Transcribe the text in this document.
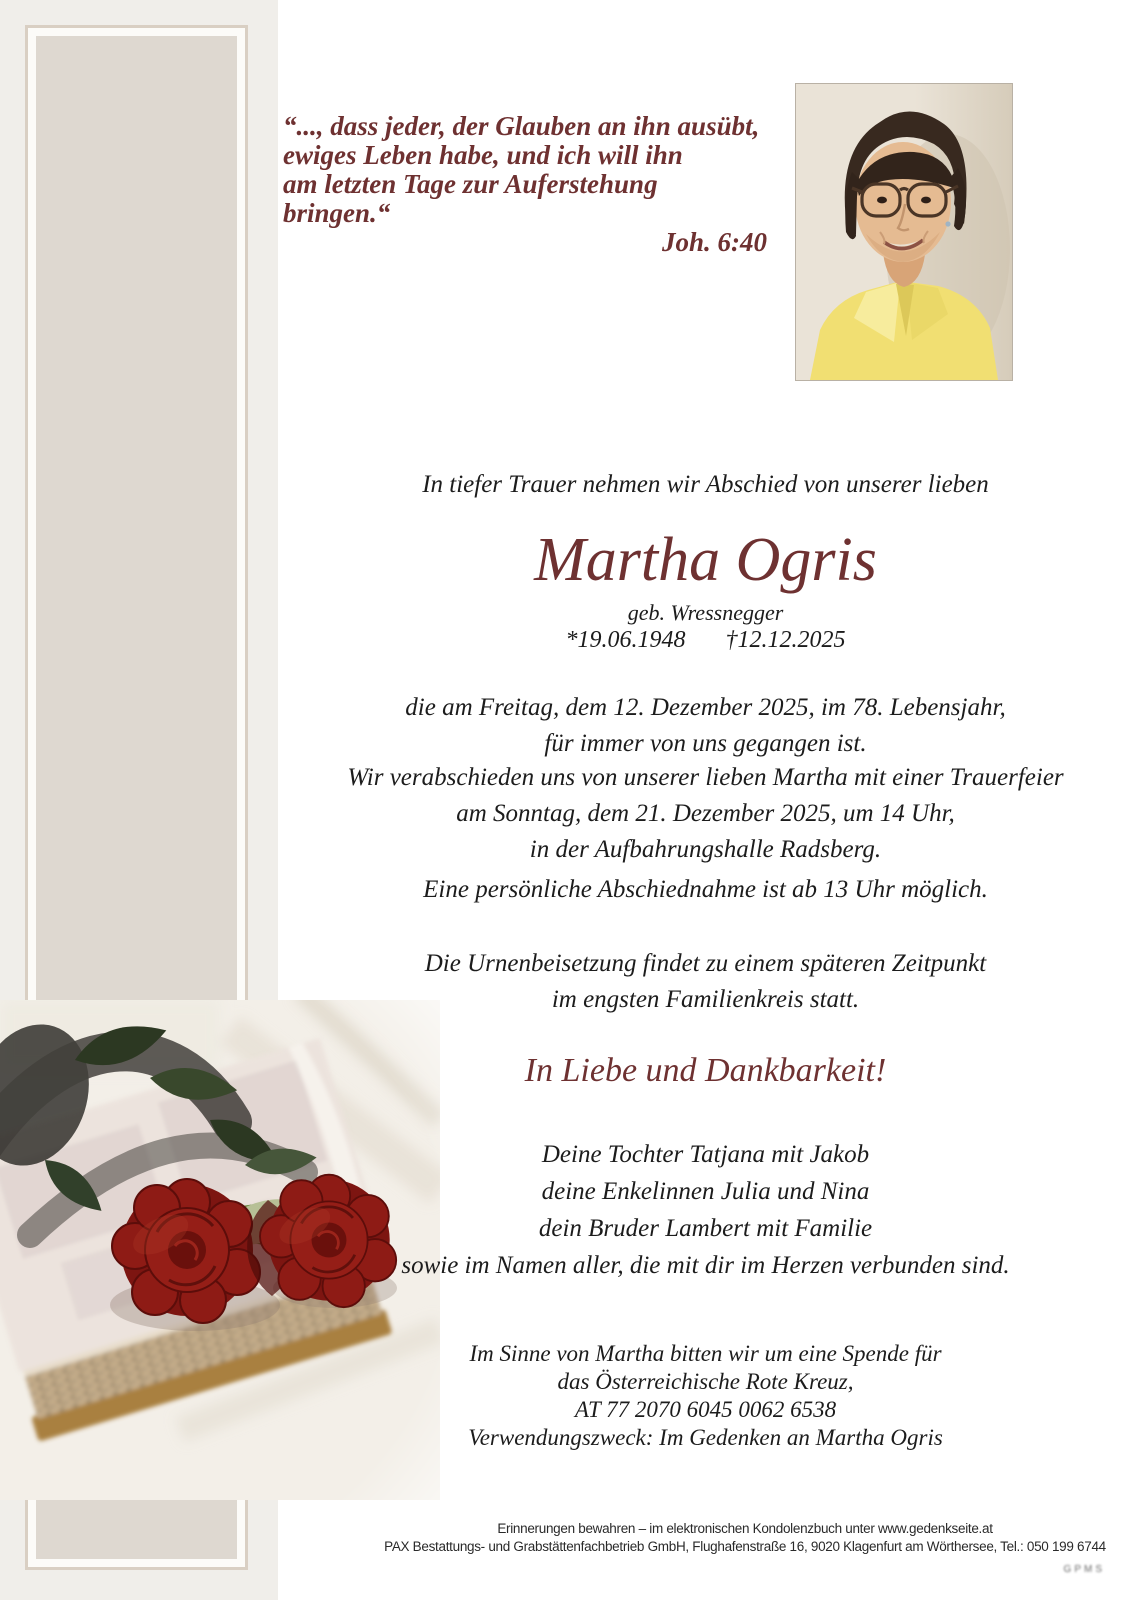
“..., dass jeder, der Glauben an ihn ausübt,
ewiges Leben habe, und ich will ihn
am letzten Tage zur Auferstehung bringen.“
Joh. 6:40
In tiefer Trauer nehmen wir Abschied von unserer lieben
Martha Ogris
geb. Wressnegger
*19.06.1948 †12.12.2025
die am Freitag, dem 12. Dezember 2025, im 78. Lebensjahr,
für immer von uns gegangen ist.
Wir verabschieden uns von unserer lieben Martha mit einer Trauerfeier
am Sonntag, dem 21. Dezember 2025, um 14 Uhr,
in der Aufbahrungshalle Radsberg.
Eine persönliche Abschiednahme ist ab 13 Uhr möglich.
Die Urnenbeisetzung findet zu einem späteren Zeitpunkt
im engsten Familienkreis statt.
In Liebe und Dankbarkeit!
Deine Tochter Tatjana mit Jakob
deine Enkelinnen Julia und Nina
dein Bruder Lambert mit Familie
sowie im Namen aller, die mit dir im Herzen verbunden sind.
Im Sinne von Martha bitten wir um eine Spende für
das Österreichische Rote Kreuz,
AT 77 2070 6045 0062 6538
Verwendungszweck: Im Gedenken an Martha Ogris
Erinnerungen bewahren – im elektronischen Kondolenzbuch unter www.gedenkseite.at
PAX Bestattungs- und Grabstättenfachbetrieb GmbH, Flughafenstraße 16, 9020 Klagenfurt am Wörthersee, Tel.: 050 199 6744
GPMS
